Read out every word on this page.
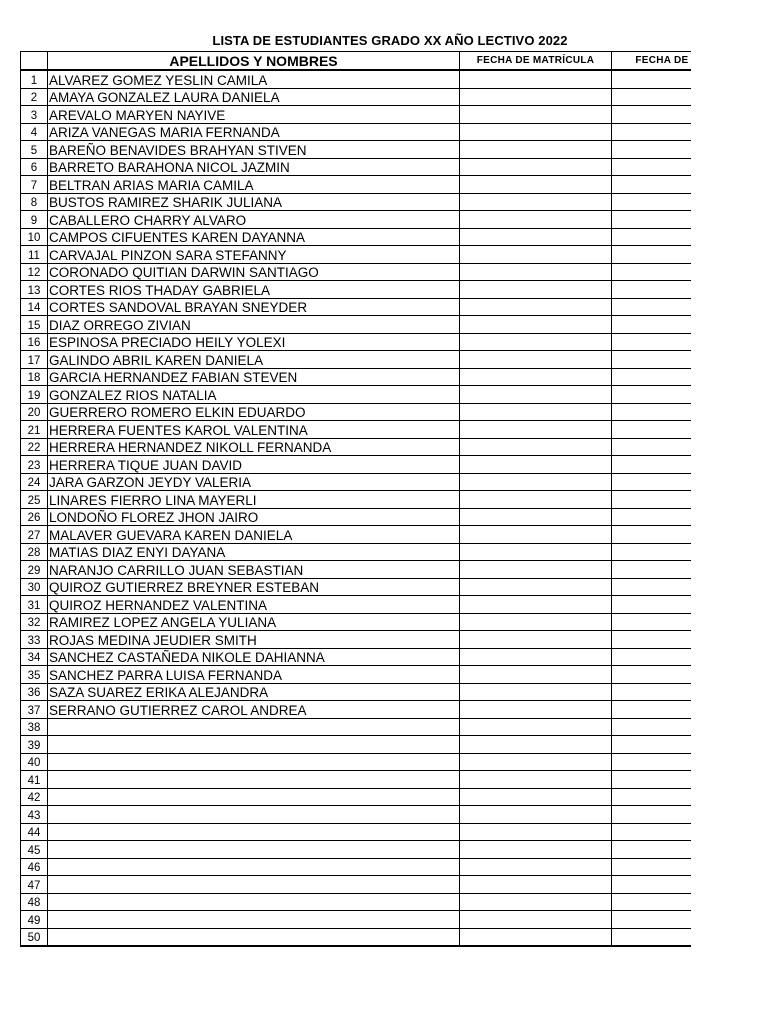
LISTA DE ESTUDIANTES GRADO XX AÑO LECTIVO 2022
	APELLIDOS Y NOMBRES	FECHA DE MATRÍCULA	FECHA DE
1	ALVAREZ GOMEZ YESLIN CAMILA		
2	AMAYA GONZALEZ LAURA DANIELA		
3	AREVALO MARYEN NAYIVE		
4	ARIZA VANEGAS MARIA FERNANDA		
5	BAREÑO BENAVIDES BRAHYAN STIVEN		
6	BARRETO BARAHONA NICOL JAZMIN		
7	BELTRAN ARIAS MARIA CAMILA		
8	BUSTOS RAMIREZ SHARIK JULIANA		
9	CABALLERO CHARRY ALVARO		
10	CAMPOS CIFUENTES KAREN DAYANNA		
11	CARVAJAL PINZON SARA STEFANNY		
12	CORONADO QUITIAN DARWIN SANTIAGO		
13	CORTES RIOS THADAY GABRIELA		
14	CORTES SANDOVAL BRAYAN SNEYDER		
15	DIAZ ORREGO ZIVIAN		
16	ESPINOSA PRECIADO HEILY YOLEXI		
17	GALINDO ABRIL KAREN DANIELA		
18	GARCIA HERNANDEZ FABIAN STEVEN		
19	GONZALEZ RIOS NATALIA		
20	GUERRERO ROMERO ELKIN EDUARDO		
21	HERRERA FUENTES KAROL VALENTINA		
22	HERRERA HERNANDEZ NIKOLL FERNANDA		
23	HERRERA TIQUE JUAN DAVID		
24	JARA GARZON JEYDY VALERIA		
25	LINARES FIERRO LINA MAYERLI		
26	LONDOÑO FLOREZ JHON JAIRO		
27	MALAVER GUEVARA KAREN DANIELA		
28	MATIAS DIAZ ENYI DAYANA		
29	NARANJO CARRILLO JUAN SEBASTIAN		
30	QUIROZ GUTIERREZ BREYNER ESTEBAN		
31	QUIROZ HERNANDEZ VALENTINA		
32	RAMIREZ LOPEZ ANGELA YULIANA		
33	ROJAS MEDINA JEUDIER SMITH		
34	SANCHEZ CASTAÑEDA NIKOLE DAHIANNA		
35	SANCHEZ PARRA LUISA FERNANDA		
36	SAZA SUAREZ ERIKA ALEJANDRA		
37	SERRANO GUTIERREZ CAROL ANDREA		
38			
39			
40			
41			
42			
43			
44			
45			
46			
47			
48			
49			
50			
